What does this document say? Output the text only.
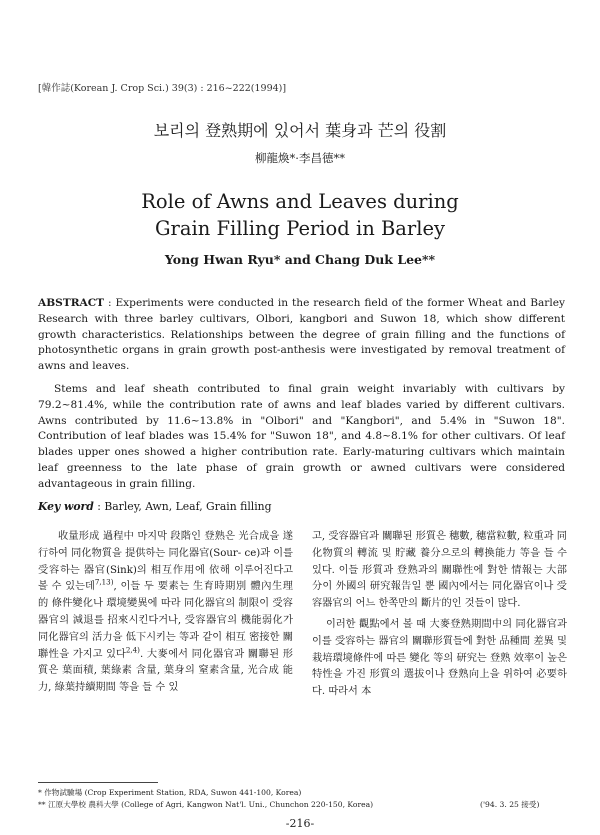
[韓作誌(Korean J. Crop Sci.) 39(3) : 216~222(1994)]
보리의 登熟期에 있어서 葉身과 芒의 役割
柳龍煥*·李昌德**
Role of Awns and Leaves during
Grain Filling Period in Barley
Yong Hwan Ryu* and Chang Duk Lee**
ABSTRACT : Experiments were conducted in the research field of the former Wheat and Barley Research with three barley cultivars, Olbori, kangbori and Suwon 18, which show different growth characteristics. Relationships between the degree of grain filling and the functions of photosynthetic organs in grain growth post-anthesis were investigated by removal treatment of awns and leaves.
Stems and leaf sheath contributed to final grain weight invariably with cultivars by 79.2~81.4%, while the contribution rate of awns and leaf blades varied by different cultivars. Awns contributed by 11.6~13.8% in "Olbori" and "Kangbori", and 5.4% in "Suwon 18". Contribution of leaf blades was 15.4% for "Suwon 18", and 4.8~8.1% for other cultivars. Of leaf blades upper ones showed a higher contribution rate. Early-maturing cultivars which maintain leaf greenness to the late phase of grain growth or awned cultivars were considered advantageous in grain filling.
Key word : Barley, Awn, Leaf, Grain filling
收量形成 過程中 마지막 段階인 登熟은 光合成을 遂行하여 同化物質을 提供하는 同化器官(Sour- ce)과 이를 受容하는 器官(Sink)의 相互作用에 依해 이루어진다고 볼 수 있는데$^{7,13)}$, 이들 두 要素는 生育時期別 體內生理的 條件變化나 環境變異에 따라 同化器官의 制限이 受容器官의 減退를 招來시킨다거나, 受容器官의 機能弱化가 同化器官의 活力을 低下시키는 等과 같이 相互 密接한 關聯性을 가지고 있다$^{2,4)}$. 大麥에서 同化器官과 關聯된 形質은 葉面積, 葉綠素 含量, 葉身의 窒素含量, 光合成 能力, 綠葉持續期間 等을 들 수 있

고, 受容器官과 關聯된 形質은 穗數, 穗當粒數, 粒重과 同化物質의 轉流 및 貯藏 養分으로의 轉換能力 等을 들 수 있다. 이들 形質과 登熟과의 關聯性에 對한 情報는 大部分이 外國의 研究報告일 뿐 國內에서는 同化器官이나 受容器官의 어느 한쪽만의 斷片的인 것들이 많다.

이러한 觀點에서 볼 때 大麥登熟期間中의 同化器官과 이를 受容하는 器官의 關聯形質들에 對한 品種間 差異 및 栽培環境條件에 따른 變化 等의 研究는 登熟 效率이 높은 特性을 가진 形質의 選拔이나 登熟向上을 위하여 必要하다. 따라서 本

* 作物試驗場 (Crop Experiment Station, RDA, Suwon 441-100, Korea)
** 江原大學校 農科大學 (College of Agri, Kangwon Nat'l. Uni., Chunchon 220-150, Korea)	('94. 3. 25 接受)
-216-
